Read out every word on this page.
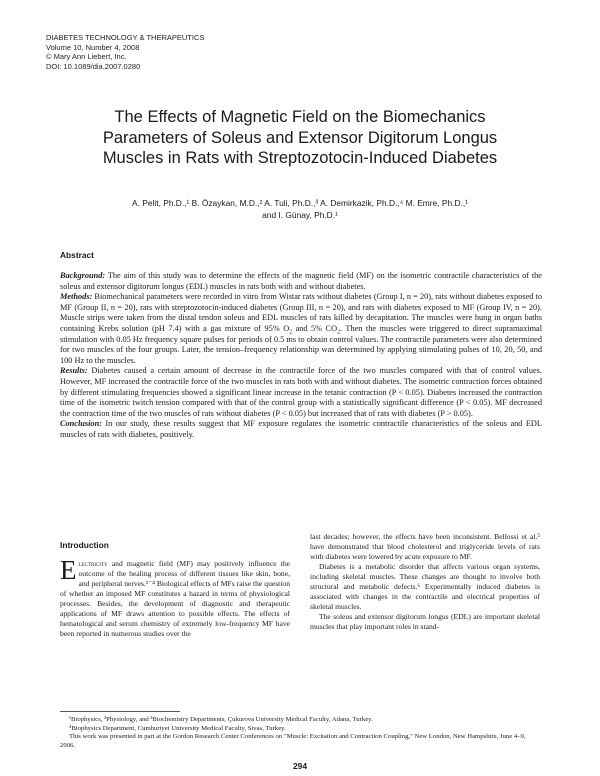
DIABETES TECHNOLOGY & THERAPEUTICS
Volume 10, Number 4, 2008
© Mary Ann Liebert, Inc.
DOI: 10.1089/dia.2007.0280
The Effects of Magnetic Field on the Biomechanics
Parameters of Soleus and Extensor Digitorum Longus
Muscles in Rats with Streptozotocin-Induced Diabetes
A. Pelit, Ph.D.,¹ B. Özaykan, M.D.,² A. Tuli, Ph.D.,³ A. Demirkazik, Ph.D.,⁴ M. Emre, Ph.D.,¹
and I. Günay, Ph.D.¹
Abstract

Background: The aim of this study was to determine the effects of the magnetic field (MF) on the isometric contractile characteristics of the soleus and extensor digitorum longus (EDL) muscles in rats both with and without diabetes.

Methods: Biomechanical parameters were recorded in vitro from Wistar rats without diabetes (Group I, n = 20), rats without diabetes exposed to MF (Group II, n = 20), rats with streptozotocin-induced diabetes (Group III, n = 20), and rats with diabetes exposed to MF (Group IV, n = 20). Muscle strips were taken from the distal tendon soleus and EDL muscles of rats killed by decapitation. The muscles were hung in organ baths containing Krebs solution (pH 7.4) with a gas mixture of 95% $O_2$ and 5% $CO_2$. Then the muscles were triggered to direct supramaximal stimulation with 0.05 Hz frequency square pulses for periods of 0.5 ms to obtain control values. The contractile parameters were also determined for two muscles of the four groups. Later, the tension–frequency relationship was determined by applying stimulating pulses of 10, 20, 50, and 100 Hz to the muscles.

Results: Diabetes caused a certain amount of decrease in the contractile force of the two muscles compared with that of control values. However, MF increased the contractile force of the two muscles in rats both with and without diabetes. The isometric contraction forces obtained by different stimulating frequencies showed a significant linear increase in the tetanic contraction (P < 0.05). Diabetes increased the contraction time of the isometric twitch tension compared with that of the control group with a statistically significant difference (P < 0.05). MF decreased the contraction time of the two muscles of rats without diabetes (P < 0.05) but increased that of rats with diabetes (P > 0.05).

Conclusion: In our study, these results suggest that MF exposure regulates the isometric contractile characteristics of the soleus and EDL muscles of rats with diabetes, positively.

Introduction

Electricity and magnetic field (MF) may positively influence the outcome of the healing process of different tissues like skin, bone, and peripheral nerves.¹⁻⁴ Biological effects of MFs raise the question of whether an imposed MF constitutes a hazard in terms of physiological processes. Besides, the development of diagnostic and therapeutic applications of MF draws attention to possible effects. The effects of hematological and serum chemistry of extremely low-frequency MF have been reported in numerous studies over the

last decades; however, the effects have been inconsistent. Bellossi et al.⁵ have demonstrated that blood cholesterol and triglyceride levels of rats with diabetes were lowered by acute exposure to MF.

Diabetes is a metabolic disorder that affects various organ systems, including skeletal muscles. These changes are thought to involve both structural and metabolic defects.⁶ Experimentally induced diabetes is associated with changes in the contractile and electrical properties of skeletal muscles.

The soleus and extensor digitorum longus (EDL) are important skeletal muscles that play important roles in stand-

¹Biophysics, ²Physiology, and ³Biochemistry Departments, Çukurova University Medical Faculty, Adana, Turkey.

⁴Biophysics Department, Cumhuriyet University Medical Faculty, Sivas, Turkey.

This work was presented in part at the Gordon Research Center Conferences on "Muscle: Excitation and Contraction Coupling," New London, New Hampshire, June 4–9, 2006.

294
